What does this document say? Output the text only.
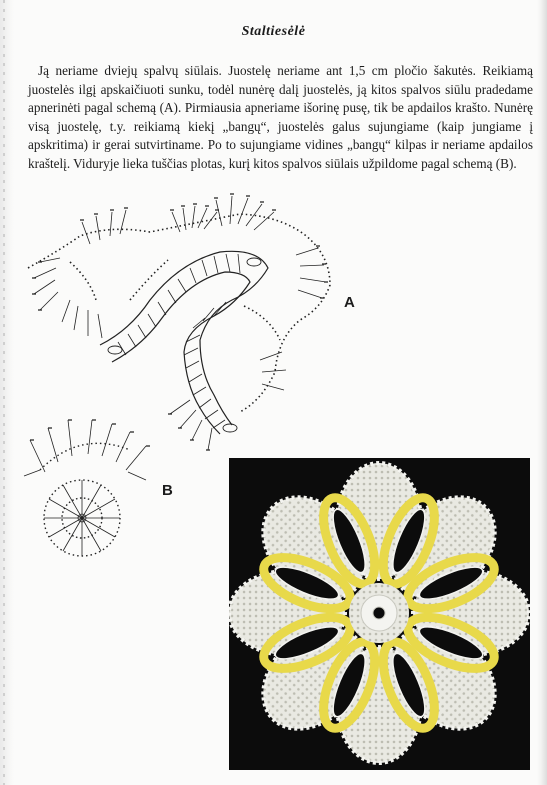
Staltiesėlė

Ją neriame dviejų spalvų siūlais. Juostelę neriame ant 1,5 cm pločio šakutės. Reikiamą juostelės ilgį apskaičiuoti sunku, todėl nunėrę dalį juostelės, ją kitos spalvos siūlu pradedame apnerinėti pagal schemą (A). Pirmiausia apneriame išorinę pusę, tik be apdailos krašto. Nunėrę visą juostelę, t.y. reikiamą kiekį „bangų“, juostelės galus sujungiame (kaip jungiame į apskritima) ir gerai sutvirtiname. Po to sujungiame vidines „bangų“ kilpas ir neriame apdailos kraštelį. Viduryje lieka tuščias plotas, kurį kitos spalvos siūlais užpildome pagal schemą (B).

A
B
